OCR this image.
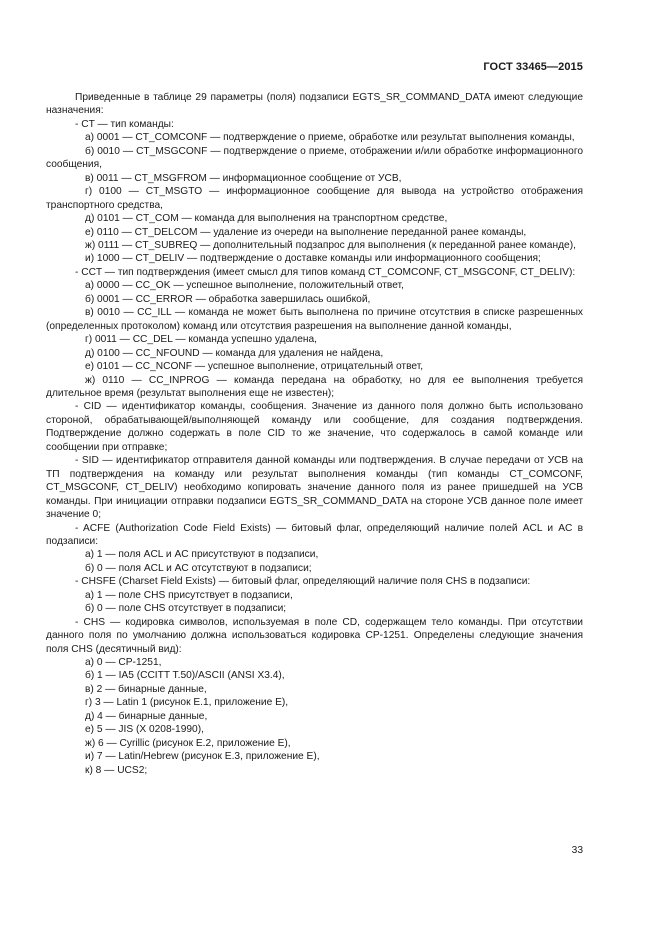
ГОСТ 33465—2015

Приведенные в таблице 29 параметры (поля) подзаписи EGTS_SR_COMMAND_DATA имеют следующие назначения:

- CT — тип команды:

а) 0001 — CT_COMCONF — подтверждение о приеме, обработке или результат выполнения команды,

б) 0010 — CT_MSGCONF — подтверждение о приеме, отображении и/или обработке информационного сообщения,

в) 0011 — CT_MSGFROM — информационное сообщение от УСВ,

г) 0100 — CT_MSGTO — информационное сообщение для вывода на устройство отображения транспортного средства,

д) 0101 — CT_COM — команда для выполнения на транспортном средстве,

е) 0110 — CT_DELCOM — удаление из очереди на выполнение переданной ранее команды,

ж) 0111 — CT_SUBREQ — дополнительный подзапрос для выполнения (к переданной ранее команде),

и) 1000 — CT_DELIV — подтверждение о доставке команды или информационного сообщения;

- CCT — тип подтверждения (имеет смысл для типов команд CT_COMCONF, CT_MSGCONF, CT_DELIV):

а) 0000 — CC_OK — успешное выполнение, положительный ответ,

б) 0001 — CC_ERROR — обработка завершилась ошибкой,

в) 0010 — CC_ILL — команда не может быть выполнена по причине отсутствия в списке разрешенных (определенных протоколом) команд или отсутствия разрешения на выполнение данной команды,

г) 0011 — CC_DEL — команда успешно удалена,

д) 0100 — CC_NFOUND — команда для удаления не найдена,

е) 0101 — CC_NCONF — успешное выполнение, отрицательный ответ,

ж) 0110 — CC_INPROG — команда передана на обработку, но для ее выполнения требуется длительное время (результат выполнения еще не известен);

- CID — идентификатор команды, сообщения. Значение из данного поля должно быть использовано стороной, обрабатывающей/выполняющей команду или сообщение, для создания подтверждения. Подтверждение должно содержать в поле CID то же значение, что содержалось в самой команде или сообщении при отправке;

- SID — идентификатор отправителя данной команды или подтверждения. В случае передачи от УСВ на ТП подтверждения на команду или результат выполнения команды (тип команды CT_COMCONF, CT_MSGCONF, CT_DELIV) необходимо копировать значение данного поля из ранее пришедшей на УСВ команды. При инициации отправки подзаписи EGTS_SR_COMMAND_DATA на стороне УСВ данное поле имеет значение 0;

- ACFE (Authorization Code Field Exists) — битовый флаг, определяющий наличие полей ACL и AC в подзаписи:

а) 1 — поля ACL и AC присутствуют в подзаписи,

б) 0 — поля ACL и AC отсутствуют в подзаписи;

- CHSFE (Charset Field Exists) — битовый флаг, определяющий наличие поля CHS в подзаписи:

а) 1 — поле CHS присутствует в подзаписи,

б) 0 — поле CHS отсутствует в подзаписи;

- CHS — кодировка символов, используемая в поле CD, содержащем тело команды. При отсутствии данного поля по умолчанию должна использоваться кодировка CP-1251. Определены следующие значения поля CHS (десятичный вид):

а) 0 — CP-1251,

б) 1 — IA5 (CCITT T.50)/ASCII (ANSI X3.4),

в) 2 — бинарные данные,

г) 3 — Latin 1 (рисунок Е.1, приложение Е),

д) 4 — бинарные данные,

е) 5 — JIS (X 0208-1990),

ж) 6 — Cyrillic (рисунок Е.2, приложение Е),

и) 7 — Latin/Hebrew (рисунок Е.3, приложение Е),

к) 8 — UCS2;

33
